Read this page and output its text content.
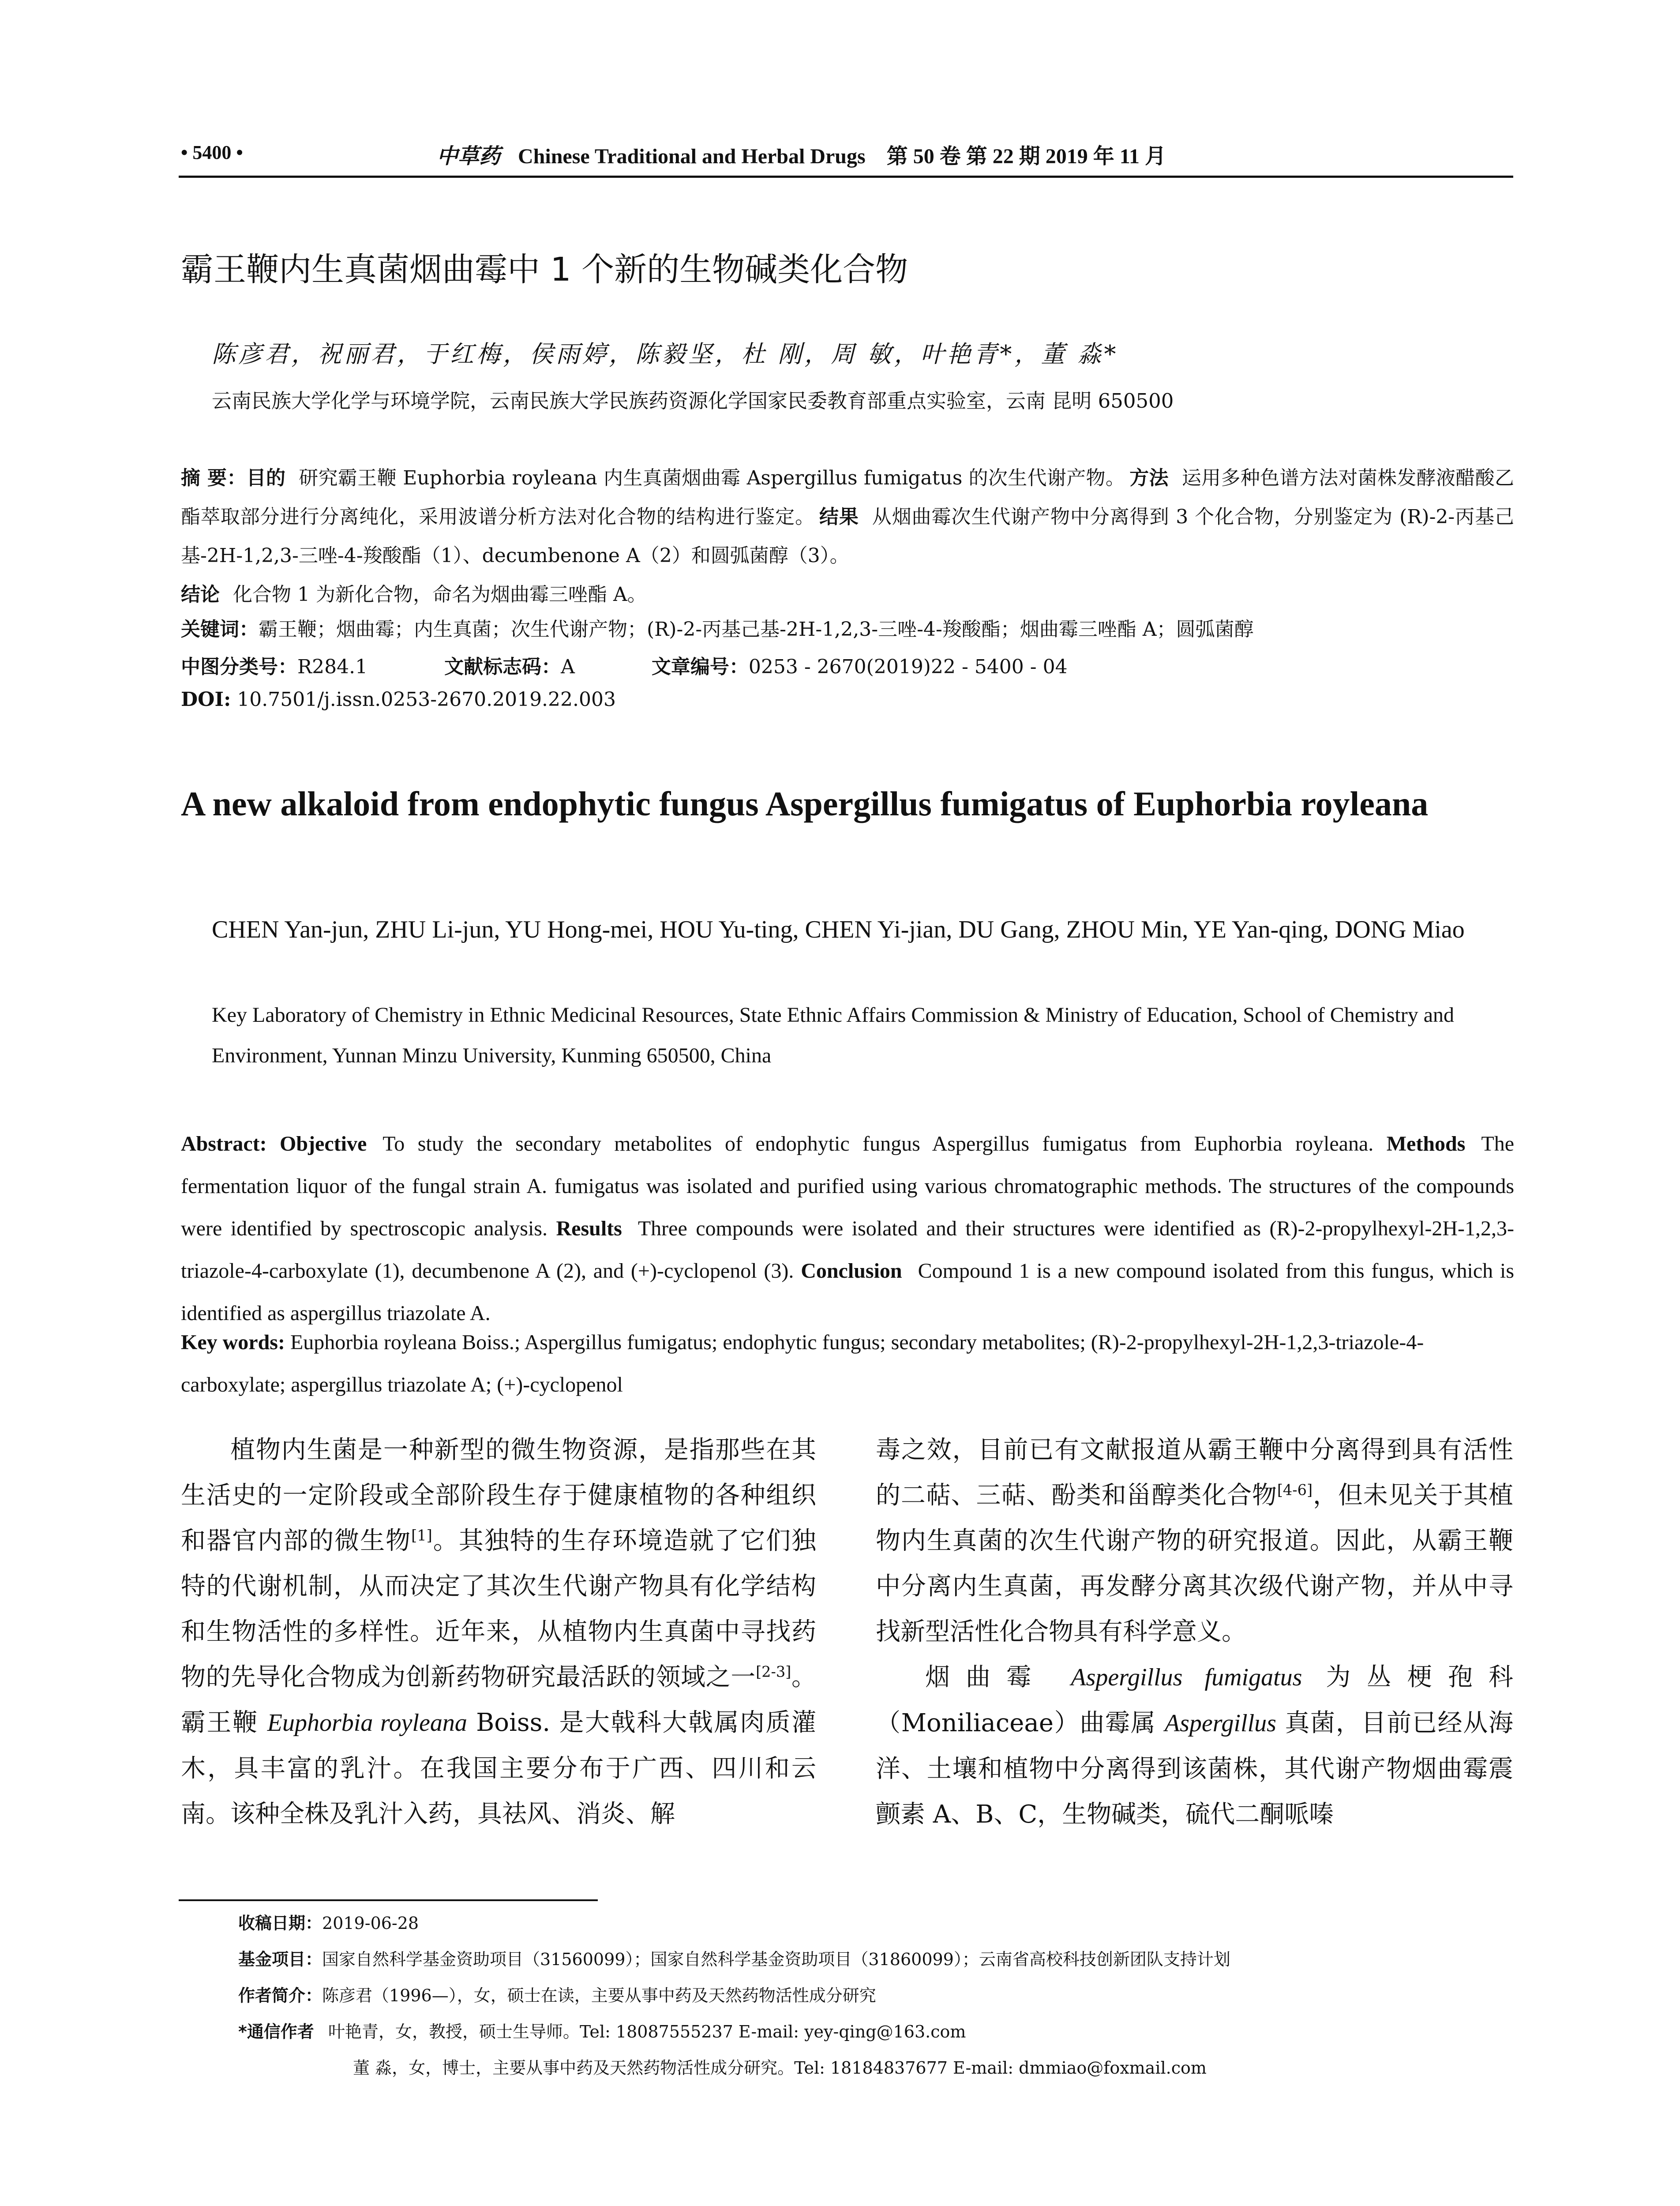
• 5400 •	中草药 Chinese Traditional and Herbal Drugs 第 50 卷 第 22 期 2019 年 11 月
霸王鞭内生真菌烟曲霉中 1 个新的生物碱类化合物
陈彦君，祝丽君，于红梅，侯雨婷，陈毅坚，杜 刚，周 敏，叶艳青*，董 淼*
云南民族大学化学与环境学院，云南民族大学民族药资源化学国家民委教育部重点实验室，云南 昆明 650500
摘 要：目的 研究霸王鞭 Euphorbia royleana 内生真菌烟曲霉 Aspergillus fumigatus 的次生代谢产物。 方法 运用多种色谱方法对菌株发酵液醋酸乙酯萃取部分进行分离纯化，采用波谱分析方法对化合物的结构进行鉴定。 结果 从烟曲霉次生代谢产物中分离得到 3 个化合物，分别鉴定为 (R)-2-丙基己基-2H-1,2,3-三唑-4-羧酸酯（1）、decumbenone A（2）和圆弧菌醇（3）。
结论 化合物 1 为新化合物，命名为烟曲霉三唑酯 A。
关键词：霸王鞭；烟曲霉；内生真菌；次生代谢产物；(R)-2-丙基己基-2H-1,2,3-三唑-4-羧酸酯；烟曲霉三唑酯 A；圆弧菌醇
中图分类号：R284.1	文献标志码：A	文章编号：0253 - 2670(2019)22 - 5400 - 04
DOI: 10.7501/j.issn.0253-2670.2019.22.003
A new alkaloid from endophytic fungus Aspergillus fumigatus of Euphorbia royleana
CHEN Yan-jun, ZHU Li-jun, YU Hong-mei, HOU Yu-ting, CHEN Yi-jian, DU Gang, ZHOU Min, YE Yan-qing, DONG Miao
Key Laboratory of Chemistry in Ethnic Medicinal Resources, State Ethnic Affairs Commission & Ministry of Education, School of Chemistry and Environment, Yunnan Minzu University, Kunming 650500, China
Abstract: Objective To study the secondary metabolites of endophytic fungus Aspergillus fumigatus from Euphorbia royleana. Methods The fermentation liquor of the fungal strain A. fumigatus was isolated and purified using various chromatographic methods. The structures of the compounds were identified by spectroscopic analysis. Results Three compounds were isolated and their structures were identified as (R)-2-propylhexyl-2H-1,2,3-triazole-4-carboxylate (1), decumbenone A (2), and (+)-cyclopenol (3). Conclusion Compound 1 is a new compound isolated from this fungus, which is identified as aspergillus triazolate A.
Key words: Euphorbia royleana Boiss.; Aspergillus fumigatus; endophytic fungus; secondary metabolites; (R)-2-propylhexyl-2H-1,2,3-triazole-4-carboxylate; aspergillus triazolate A; (+)-cyclopenol
植物内生菌是一种新型的微生物资源，是指那些在其生活史的一定阶段或全部阶段生存于健康植物的各种组织和器官内部的微生物[1]。其独特的生存环境造就了它们独特的代谢机制，从而决定了其次生代谢产物具有化学结构和生物活性的多样性。近年来，从植物内生真菌中寻找药物的先导化合物成为创新药物研究最活跃的领域之一[2-3]。霸王鞭 Euphorbia royleana Boiss. 是大戟科大戟属肉质灌木，具丰富的乳汁。在我国主要分布于广西、四川和云南。该种全株及乳汁入药，具祛风、消炎、解
毒之效，目前已有文献报道从霸王鞭中分离得到具有活性的二萜、三萜、酚类和甾醇类化合物[4-6]，但未见关于其植物内生真菌的次生代谢产物的研究报道。因此，从霸王鞭中分离内生真菌，再发酵分离其次级代谢产物，并从中寻找新型活性化合物具有科学意义。
烟曲霉 Aspergillus fumigatus 为丛梗孢科（Moniliaceae）曲霉属 Aspergillus 真菌，目前已经从海洋、土壤和植物中分离得到该菌株，其代谢产物烟曲霉震颤素 A、B、C，生物碱类，硫代二酮哌嗪
收稿日期：2019-06-28
基金项目：国家自然科学基金资助项目（31560099）；国家自然科学基金资助项目（31860099）；云南省高校科技创新团队支持计划
作者简介：陈彦君（1996—），女，硕士在读，主要从事中药及天然药物活性成分研究
*通信作者 叶艳青，女，教授，硕士生导师。Tel: 18087555237 E-mail: yey-qing@163.com
董 淼，女，博士，主要从事中药及天然药物活性成分研究。Tel: 18184837677 E-mail: dmmiao@foxmail.com
